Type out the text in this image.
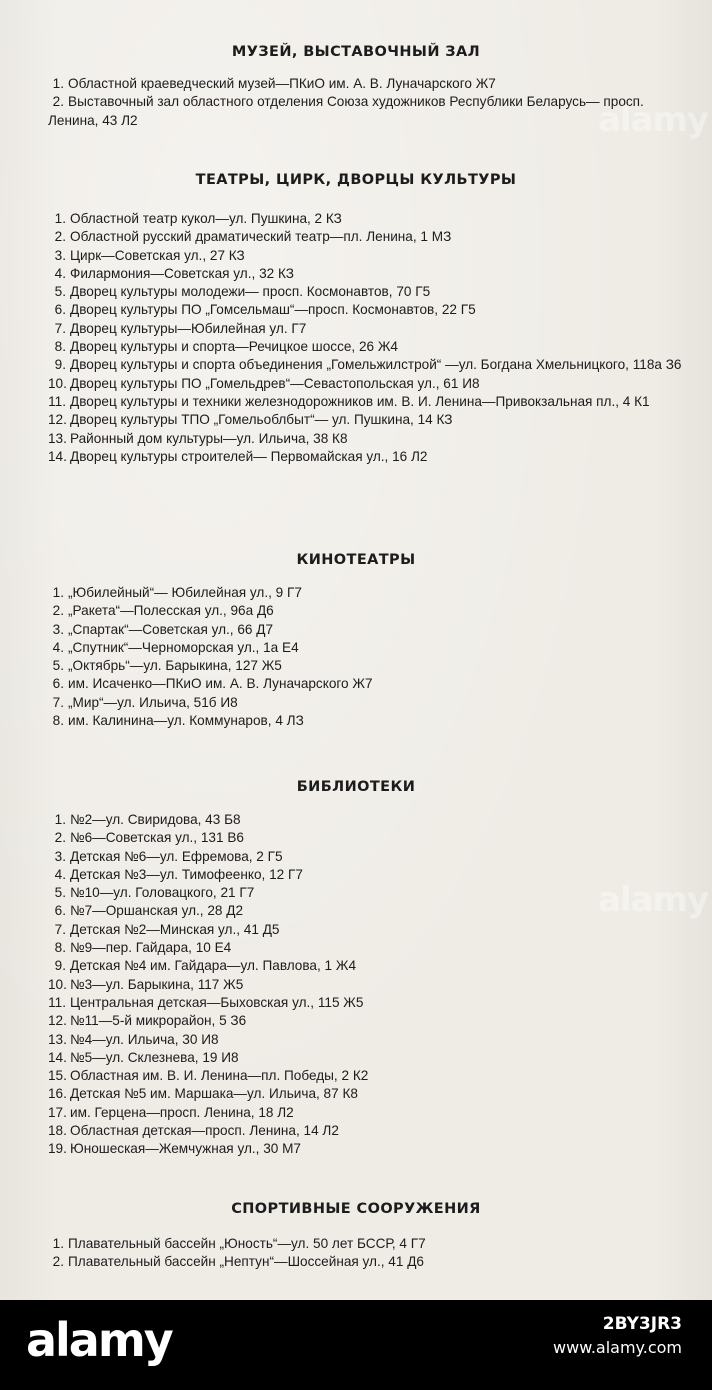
МУЗЕЙ, ВЫСТАВОЧНЫЙ ЗАЛ
1. Областной краеведческий музей—ПКиО им. А. В. Луначарского Ж7
2. Выставочный зал областного отделения Союза художников Республики Беларусь— просп. Ленина, 43 Л2
ТЕАТРЫ, ЦИРК, ДВОРЦЫ КУЛЬТУРЫ
1. Областной театр кукол—ул. Пушкина, 2 КЗ
2. Областной русский драматический театр—пл. Ленина, 1 МЗ
3. Цирк—Советская ул., 27 КЗ
4. Филармония—Советская ул., 32 КЗ
5. Дворец культуры молодежи— просп. Космонавтов, 70 Г5
6. Дворец культуры ПО „Гомсельмаш“—просп. Космонавтов, 22 Г5
7. Дворец культуры—Юбилейная ул. Г7
8. Дворец культуры и спорта—Речицкое шоссе, 26 Ж4
9. Дворец культуры и спорта объединения „Гомельжилстрой“ —ул. Богдана Хмельницкого, 118а З6
10. Дворец культуры ПО „Гомельдрев“—Севастопольская ул., 61 И8
11. Дворец культуры и техники железнодорожников им. В. И. Ленина—Привокзальная пл., 4 К1
12. Дворец культуры ТПО „Гомельоблбыт“— ул. Пушкина, 14 КЗ
13. Районный дом культуры—ул. Ильича, 38 К8
14. Дворец культуры строителей— Первомайская ул., 16 Л2
КИНОТЕАТРЫ
1. „Юбилейный“— Юбилейная ул., 9 Г7
2. „Ракета“—Полесская ул., 96а Д6
3. „Спартак“—Советская ул., 66 Д7
4. „Спутник“—Черноморская ул., 1а Е4
5. „Октябрь“—ул. Барыкина, 127 Ж5
6. им. Исаченко—ПКиО им. А. В. Луначарского Ж7
7. „Мир“—ул. Ильича, 51б И8
8. им. Калинина—ул. Коммунаров, 4 ЛЗ
БИБЛИОТЕКИ
1. №2—ул. Свиридова, 43 Б8
2. №6—Советская ул., 131 В6
3. Детская №6—ул. Ефремова, 2 Г5
4. Детская №3—ул. Тимофеенко, 12 Г7
5. №10—ул. Головацкого, 21 Г7
6. №7—Оршанская ул., 28 Д2
7. Детская №2—Минская ул., 41 Д5
8. №9—пер. Гайдара, 10 Е4
9. Детская №4 им. Гайдара—ул. Павлова, 1 Ж4
10. №3—ул. Барыкина, 117 Ж5
11. Центральная детская—Быховская ул., 115 Ж5
12. №11—5-й микрорайон, 5 З6
13. №4—ул. Ильича, 30 И8
14. №5—ул. Склезнева, 19 И8
15. Областная им. В. И. Ленина—пл. Победы, 2 К2
16. Детская №5 им. Маршака—ул. Ильича, 87 К8
17. им. Герцена—просп. Ленина, 18 Л2
18. Областная детская—просп. Ленина, 14 Л2
19. Юношеская—Жемчужная ул., 30 М7
СПОРТИВНЫЕ СООРУЖЕНИЯ
1. Плавательный бассейн „Юность“—ул. 50 лет БССР, 4 Г7
2. Плавательный бассейн „Нептун“—Шоссейная ул., 41 Д6
alamy
alamy
alamy	2BY3JR3
www.alamy.com
